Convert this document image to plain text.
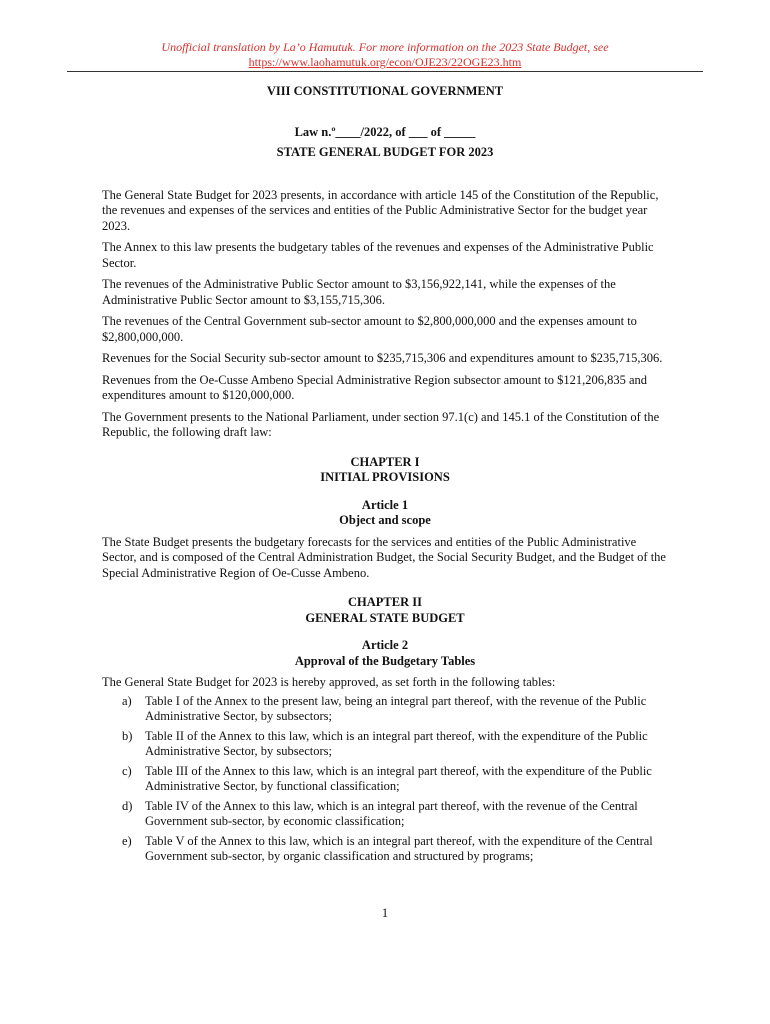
Unofficial translation by La’o Hamutuk. For more information on the 2023 State Budget, see
https://www.laohamutuk.org/econ/OJE23/22OGE23.htm
VIII CONSTITUTIONAL GOVERNMENT
Law n.º____/2022, of ___ of _____
STATE GENERAL BUDGET FOR 2023

The General State Budget for 2023 presents, in accordance with article 145 of the Constitution of the Republic, the revenues and expenses of the services and entities of the Public Administrative Sector for the budget year 2023.

The Annex to this law presents the budgetary tables of the revenues and expenses of the Administrative Public Sector.

The revenues of the Administrative Public Sector amount to $3,156,922,141, while the expenses of the Administrative Public Sector amount to $3,155,715,306.

The revenues of the Central Government sub-sector amount to $2,800,000,000 and the expenses amount to $2,800,000,000.

Revenues for the Social Security sub-sector amount to $235,715,306 and expenditures amount to $235,715,306.

Revenues from the Oe-Cusse Ambeno Special Administrative Region subsector amount to $121,206,835 and expenditures amount to $120,000,000.

The Government presents to the National Parliament, under section 97.1(c) and 145.1 of the Constitution of the Republic, the following draft law:

CHAPTER I
INITIAL PROVISIONS
Article 1
Object and scope

The State Budget presents the budgetary forecasts for the services and entities of the Public Administrative Sector, and is composed of the Central Administration Budget, the Social Security Budget, and the Budget of the Special Administrative Region of Oe-Cusse Ambeno.

CHAPTER II
GENERAL STATE BUDGET
Article 2
Approval of the Budgetary Tables

The General State Budget for 2023 is hereby approved, as set forth in the following tables:

a) Table I of the Annex to the present law, being an integral part thereof, with the revenue of the Public Administrative Sector, by subsectors;
b) Table II of the Annex to this law, which is an integral part thereof, with the expenditure of the Public Administrative Sector, by subsectors;
c) Table III of the Annex to this law, which is an integral part thereof, with the expenditure of the Public Administrative Sector, by functional classification;
d) Table IV of the Annex to this law, which is an integral part thereof, with the revenue of the Central Government sub-sector, by economic classification;
e) Table V of the Annex to this law, which is an integral part thereof, with the expenditure of the Central Government sub-sector, by organic classification and structured by programs;
1
